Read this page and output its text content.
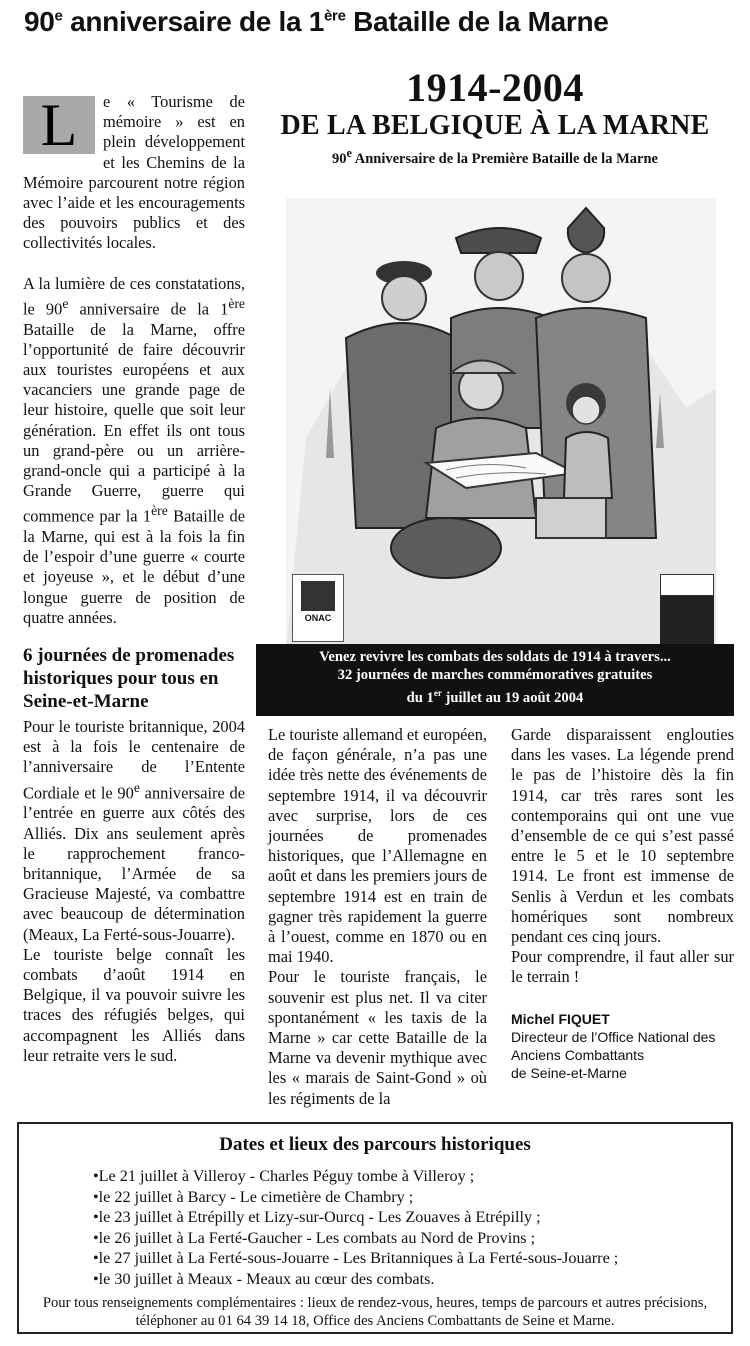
90e anniversaire de la 1ère Bataille de la Marne
L	e « Tourisme de mémoire » est en plein développement et les Chemins de la Mémoire parcourent notre région avec l’aide et les encouragements des pouvoirs publics et des collectivités locales.

A la lumière de ces constatations, le 90e anniversaire de la 1ère Bataille de la Marne, offre l’opportunité de faire découvrir aux touristes européens et aux vacanciers une grande page de leur histoire, quelle que soit leur génération. En effet ils ont tous un grand-père ou un arrière-grand-oncle qui a participé à la Grande Guerre, guerre qui commence par la 1ère Bataille de la Marne, qui est à la fois la fin de l’espoir d’une guerre « courte et joyeuse », et le début d’une longue guerre de position de quatre années.

6 journées de promenades historiques pour tous en Seine-et-Marne

Pour le touriste britannique, 2004 est à la fois le centenaire de l’anniversaire de l’Entente Cordiale et le 90e anniversaire de l’entrée en guerre aux côtés des Alliés. Dix ans seulement après le rapprochement franco-britannique, l’Armée de sa Gracieuse Majesté, va combattre avec beaucoup de détermination (Meaux, La Ferté-sous-Jouarre).

Le touriste belge connaît les combats d’août 1914 en Belgique, il va pouvoir suivre les traces des réfugiés belges, qui accompagnent les Alliés dans leur retraite vers le sud.

1914-2004
DE LA BELGIQUE À LA MARNE
90e Anniversaire de la Première Bataille de la Marne
ONAC
Venez revivre les combats des soldats de 1914 à travers...
32 journées de marches commémoratives gratuites
du 1er juillet au 19 août 2004

Le touriste allemand et européen, de façon générale, n’a pas une idée très nette des événements de septembre 1914, il va découvrir avec surprise, lors de ces journées de promenades historiques, que l’Allemagne en août et dans les premiers jours de septembre 1914 est en train de gagner très rapidement la guerre à l’ouest, comme en 1870 ou en mai 1940.

Pour le touriste français, le souvenir est plus net. Il va citer spontanément « les taxis de la Marne » car cette Bataille de la Marne va devenir mythique avec les « marais de Saint-Gond » où les régiments de la

Garde disparaissent englouties dans les vases. La légende prend le pas de l’histoire dès la fin 1914, car très rares sont les contemporains qui ont une vue d’ensemble de ce qui s’est passé entre le 5 et le 10 septembre 1914. Le front est immense de Senlis à Verdun et les combats homériques sont nombreux pendant ces cinq jours.

Pour comprendre, il faut aller sur le terrain !

Michel FIQUET
Directeur de l’Office National des
Anciens Combattants
de Seine-et-Marne
Dates et lieux des parcours historiques
•Le 21 juillet à Villeroy - Charles Péguy tombe à Villeroy ;
•le 22 juillet à Barcy - Le cimetière de Chambry ;
•le 23 juillet à Etrépilly et Lizy-sur-Ourcq - Les Zouaves à Etrépilly ;
•le 26 juillet à La Ferté-Gaucher - Les combats au Nord de Provins ;
•le 27 juillet à La Ferté-sous-Jouarre - Les Britanniques à La Ferté-sous-Jouarre ;
•le 30 juillet à Meaux - Meaux au cœur des combats.
Pour tous renseignements complémentaires : lieux de rendez-vous, heures, temps de parcours et autres précisions, téléphoner au 01 64 39 14 18, Office des Anciens Combattants de Seine et Marne.
